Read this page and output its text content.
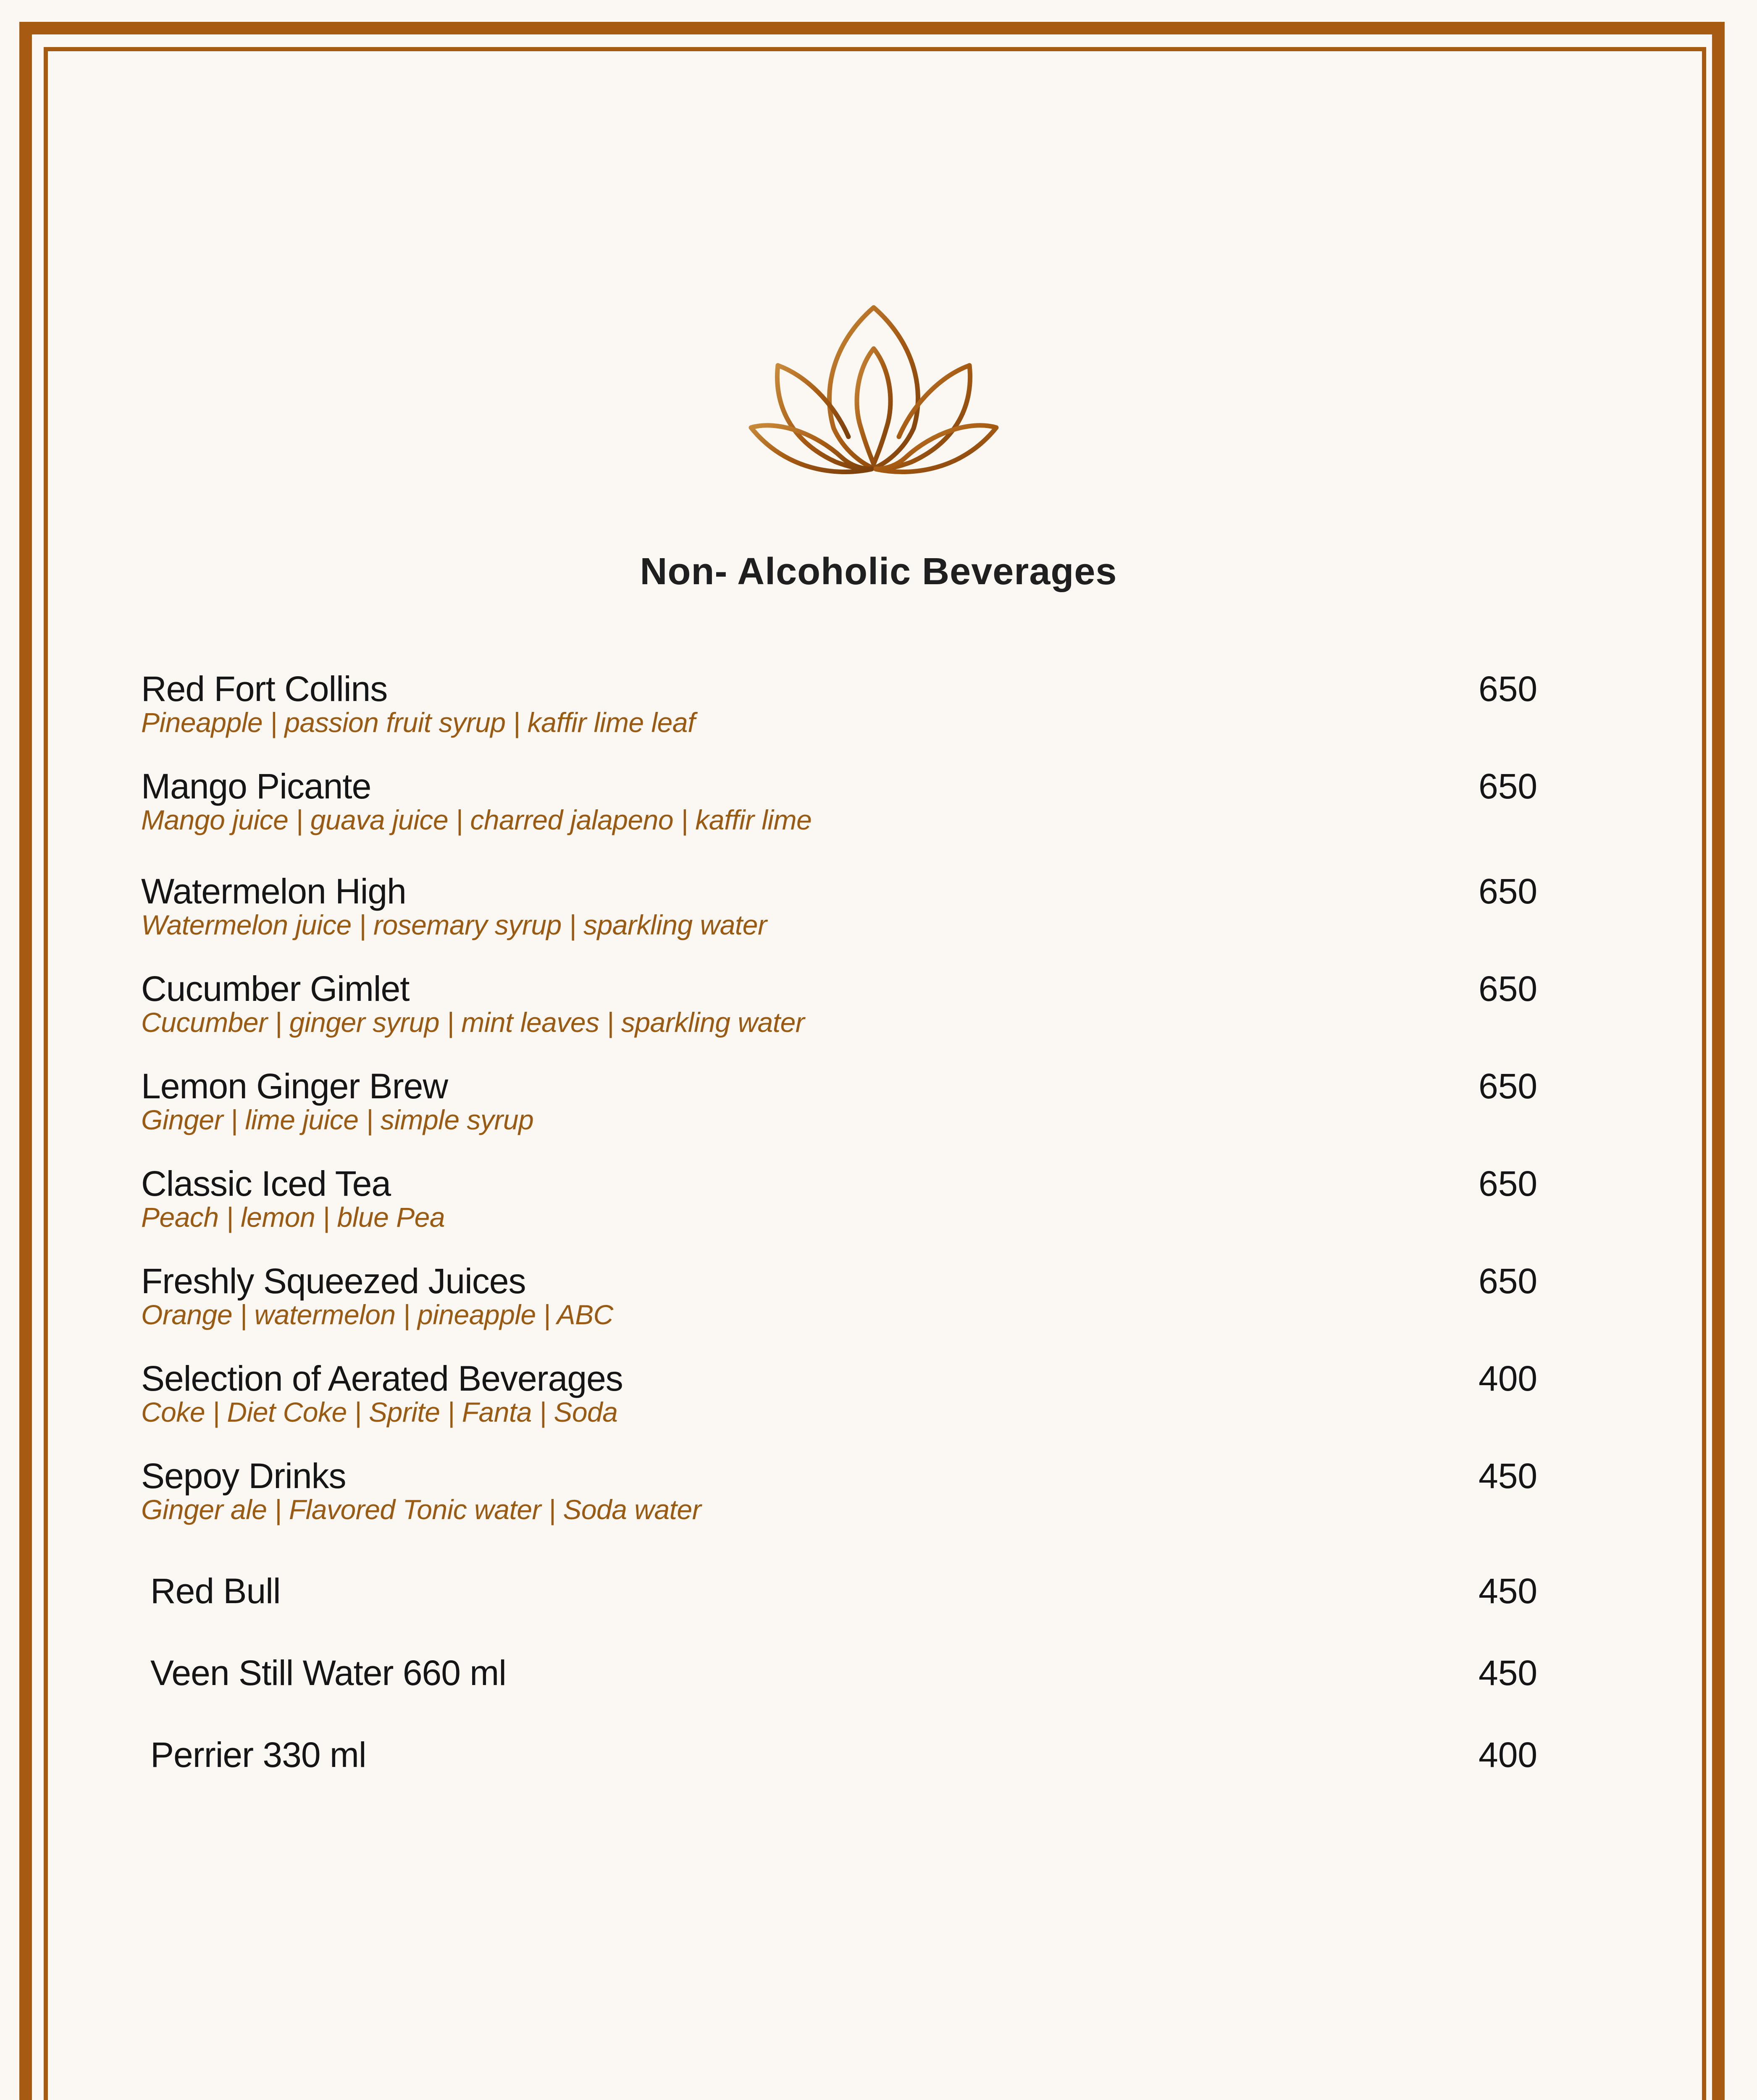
Non- Alcoholic Beverages
Red Fort Collins
Pineapple | passion fruit syrup | kaffir lime leaf
650
Mango Picante
Mango juice | guava juice | charred jalapeno | kaffir lime
650
Watermelon High
Watermelon juice | rosemary syrup | sparkling water
650
Cucumber Gimlet
Cucumber | ginger syrup | mint leaves | sparkling water
650
Lemon Ginger Brew
Ginger | lime juice | simple syrup
650
Classic Iced Tea
Peach | lemon | blue Pea
650
Freshly Squeezed Juices
Orange | watermelon | pineapple | ABC
650
Selection of Aerated Beverages
Coke | Diet Coke | Sprite | Fanta | Soda
400
Sepoy Drinks
Ginger ale | Flavored Tonic water | Soda water
450
Red Bull	450
Veen Still Water 660 ml	450
Perrier 330 ml	400
